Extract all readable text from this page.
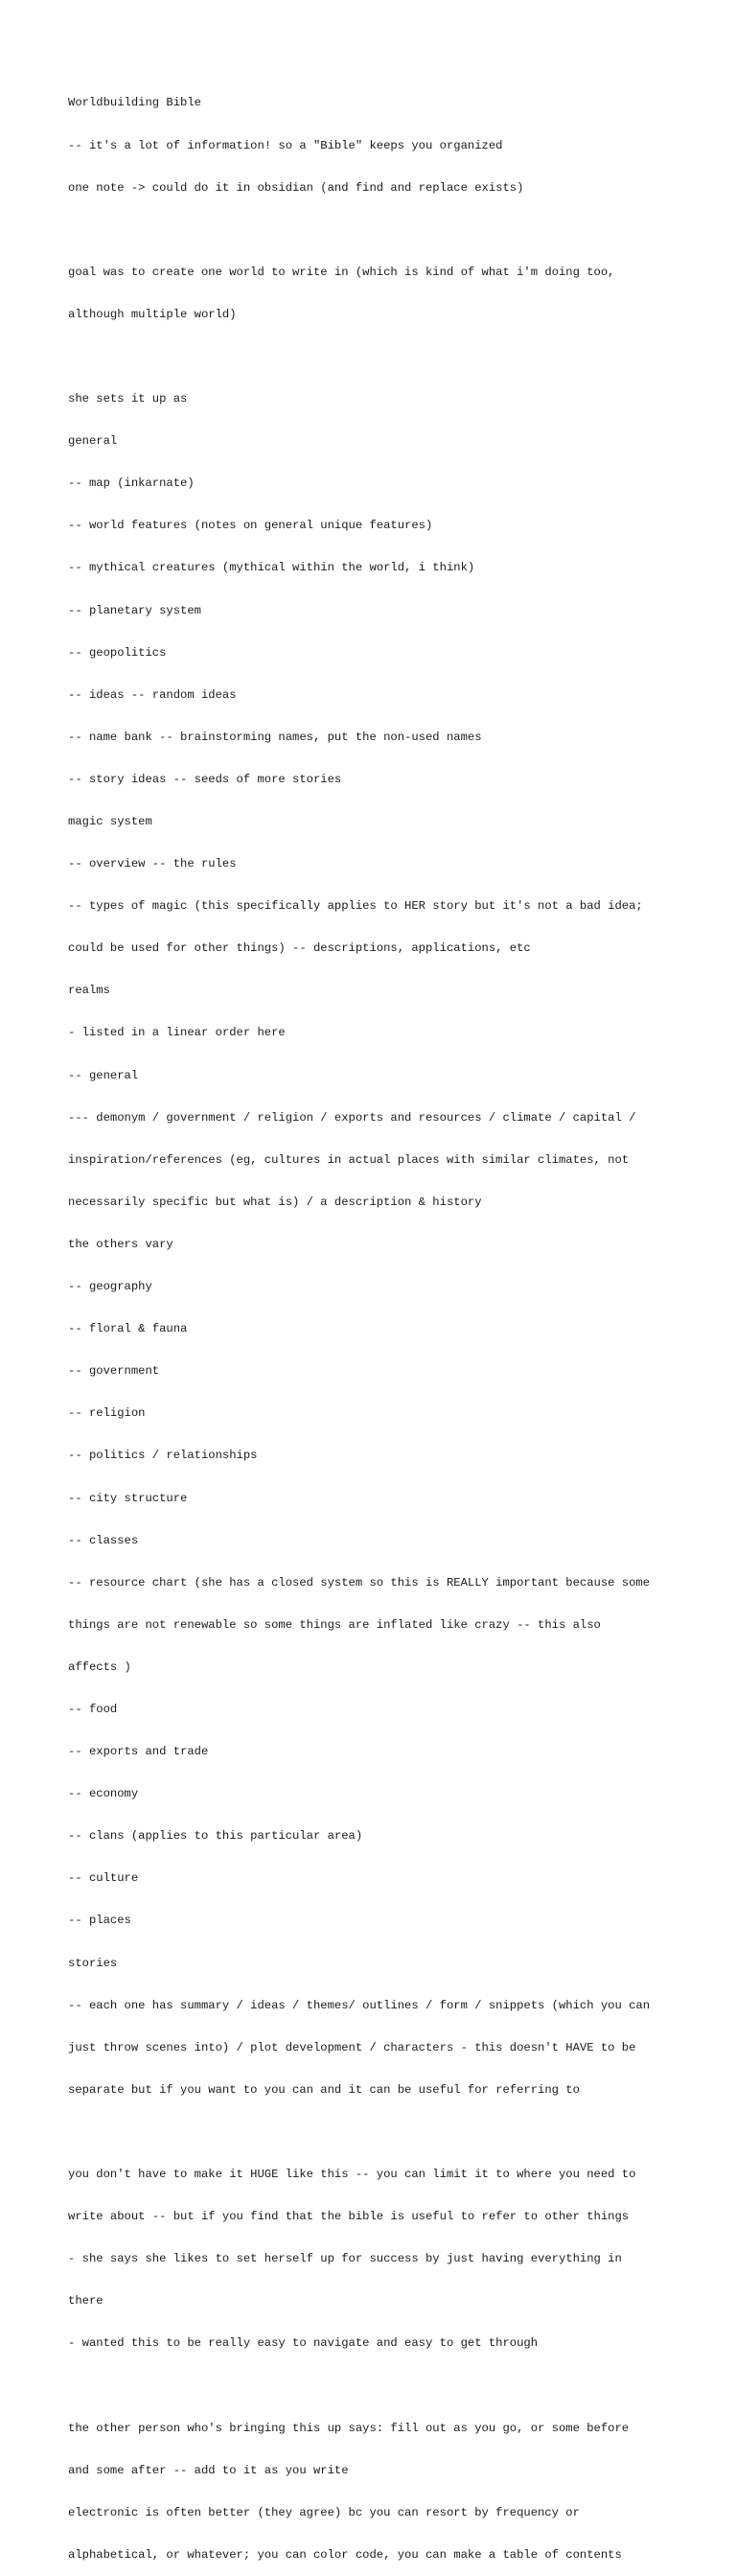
Worldbuilding Bible

-- it's a lot of information! so a "Bible" keeps you organized

one note -> could do it in obsidian (and find and replace exists)

goal was to create one world to write in (which is kind of what i'm doing too,

although multiple world)

she sets it up as

general

-- map (inkarnate)

-- world features (notes on general unique features)

-- mythical creatures (mythical within the world, i think)

-- planetary system

-- geopolitics

-- ideas -- random ideas

-- name bank -- brainstorming names, put the non-used names

-- story ideas -- seeds of more stories

magic system

-- overview -- the rules

-- types of magic (this specifically applies to HER story but it's not a bad idea;

could be used for other things) -- descriptions, applications, etc

realms

- listed in a linear order here

-- general

--- demonym / government / religion / exports and resources / climate / capital /

inspiration/references (eg, cultures in actual places with similar climates, not

necessarily specific but what is) / a description & history

the others vary

-- geography

-- floral & fauna

-- government

-- religion

-- politics / relationships

-- city structure

-- classes

-- resource chart (she has a closed system so this is REALLY important because some

things are not renewable so some things are inflated like crazy -- this also

affects )

-- food

-- exports and trade

-- economy

-- clans (applies to this particular area)

-- culture

-- places

stories

-- each one has summary / ideas / themes/ outlines / form / snippets (which you can

just throw scenes into) / plot development / characters - this doesn't HAVE to be

separate but if you want to you can and it can be useful for referring to

you don't have to make it HUGE like this -- you can limit it to where you need to

write about -- but if you find that the bible is useful to refer to other things

- she says she likes to set herself up for success by just having everything in

there

- wanted this to be really easy to navigate and easy to get through

the other person who's bringing this up says: fill out as you go, or some before

and some after -- add to it as you write

electronic is often better (they agree) bc you can resort by frequency or

alphabetical, or whatever; you can color code, you can make a table of contents
